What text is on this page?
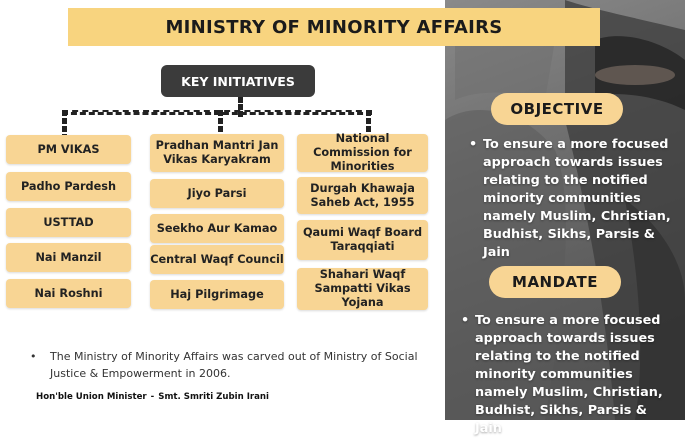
KEY INITIATIVES
PM VIKAS
Padho Pardesh
USTTAD
Nai Manzil
Nai Roshni
Pradhan Mantri Jan Vikas Karyakram
Jiyo Parsi
Seekho Aur Kamao
Central Waqf Council
Haj Pilgrimage
National Commission for Minorities
Durgah Khawaja Saheb Act, 1955
Qaumi Waqf Board Taraqqiati
Shahari Waqf Sampatti Vikas Yojana
•	The Ministry of Minority Affairs was carved out of Ministry of Social Justice & Empowerment in 2006.
Hon'ble Union Minister - Smt. Smriti Zubin Irani
OBJECTIVE
• To ensure a more focused approach towards issues relating to the notified minority communities namely Muslim, Christian, Budhist, Sikhs, Parsis & Jain
MANDATE
• To ensure a more focused approach towards issues relating to the notified minority communities namely Muslim, Christian, Budhist, Sikhs, Parsis & Jain
MINISTRY OF MINORITY AFFAIRS
